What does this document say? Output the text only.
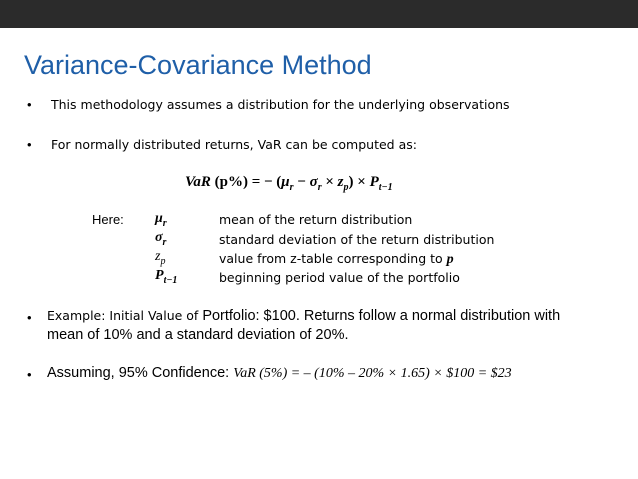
Variance-Covariance Method
• This methodology assumes a distribution for the underlying observations
• For normally distributed returns, VaR can be computed as:
VaR (p%) = − $(\mu_r - \sigma_r \times z_p) \times P_{t-1}$
Here: $\mu_r$	mean of the return distribution
$\sigma_r$	standard deviation of the return distribution
$z_p$	value from z-table corresponding to p
$P_{t-1}$	beginning period value of the portfolio
• Example: Initial Value of Portfolio: $100. Returns follow a normal distribution with
mean of 10% and a standard deviation of 20%.
• Assuming, 95% Confidence: VaR (5%) = – (10% – 20% × 1.65) × $100 = $23
